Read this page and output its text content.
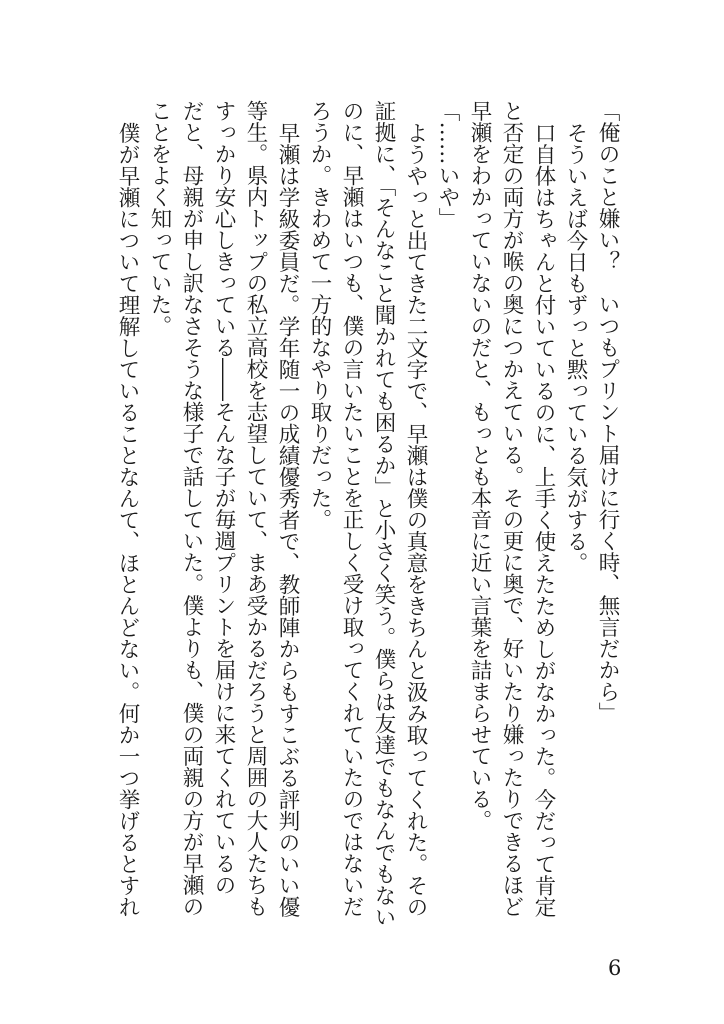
「俺のこと嫌い？　いつもプリント届けに行く時、無言だから」
そういえば今日もずっと黙っている気がする。
口自体はちゃんと付いているのに、上手く使えたためしがなかった。今だって肯定
と否定の両方が喉の奥につかえている。その更に奥で、好いたり嫌ったりできるほど
早瀬をわかっていないのだと、もっとも本音に近い言葉を詰まらせている。
「……いや」
ようやっと出てきた二文字で、早瀬は僕の真意をきちんと汲み取ってくれた。その
証拠に、「そんなこと聞かれても困るか」と小さく笑う。僕らは友達でもなんでもない
のに、早瀬はいつも、僕の言いたいことを正しく受け取ってくれていたのではないだ
ろうか。きわめて一方的なやり取りだった。
早瀬は学級委員だ。学年随一の成績優秀者で、教師陣からもすこぶる評判のいい優
等生。県内トップの私立高校を志望していて、まあ受かるだろうと周囲の大人たちも
すっかり安心しきっている――そんな子が毎週プリントを届けに来てくれているの
だと、母親が申し訳なさそうな様子で話していた。僕よりも、僕の両親の方が早瀬の
ことをよく知っていた。
僕が早瀬について理解していることなんて、ほとんどない。何か一つ挙げるとすれ
6
